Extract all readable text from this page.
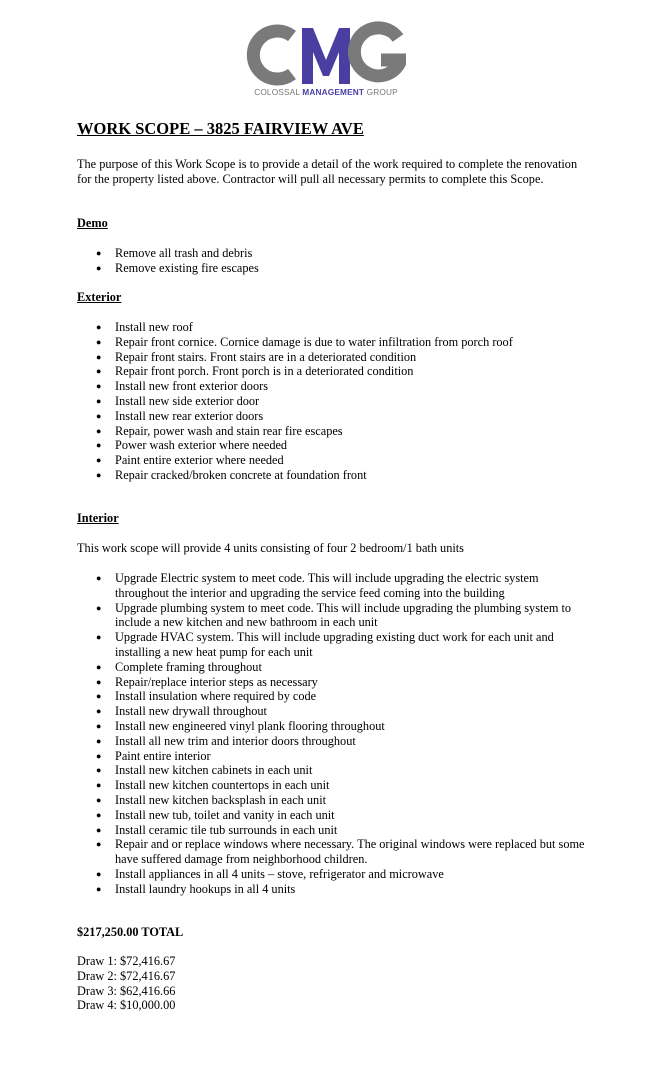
COLOSSAL MANAGEMENT GROUP
WORK SCOPE – 3825 FAIRVIEW AVE
The purpose of this Work Scope is to provide a detail of the work required to complete the renovation for the property listed above. Contractor will pull all necessary permits to complete this Scope.
Demo
● Remove all trash and debris
● Remove existing fire escapes
Exterior
● Install new roof
● Repair front cornice. Cornice damage is due to water infiltration from porch roof
● Repair front stairs. Front stairs are in a deteriorated condition
● Repair front porch. Front porch is in a deteriorated condition
● Install new front exterior doors
● Install new side exterior door
● Install new rear exterior doors
● Repair, power wash and stain rear fire escapes
● Power wash exterior where needed
● Paint entire exterior where needed
● Repair cracked/broken concrete at foundation front
Interior
This work scope will provide 4 units consisting of four 2 bedroom/1 bath units
● Upgrade Electric system to meet code. This will include upgrading the electric system throughout the interior and upgrading the service feed coming into the building
● Upgrade plumbing system to meet code. This will include upgrading the plumbing system to include a new kitchen and new bathroom in each unit
● Upgrade HVAC system. This will include upgrading existing duct work for each unit and installing a new heat pump for each unit
● Complete framing throughout
● Repair/replace interior steps as necessary
● Install insulation where required by code
● Install new drywall throughout
● Install new engineered vinyl plank flooring throughout
● Install all new trim and interior doors throughout
● Paint entire interior
● Install new kitchen cabinets in each unit
● Install new kitchen countertops in each unit
● Install new kitchen backsplash in each unit
● Install new tub, toilet and vanity in each unit
● Install ceramic tile tub surrounds in each unit
● Repair and or replace windows where necessary. The original windows were replaced but some have suffered damage from neighborhood children.
● Install appliances in all 4 units – stove, refrigerator and microwave
● Install laundry hookups in all 4 units
$217,250.00 TOTAL
Draw 1: $72,416.67
Draw 2: $72,416.67
Draw 3: $62,416.66
Draw 4: $10,000.00
